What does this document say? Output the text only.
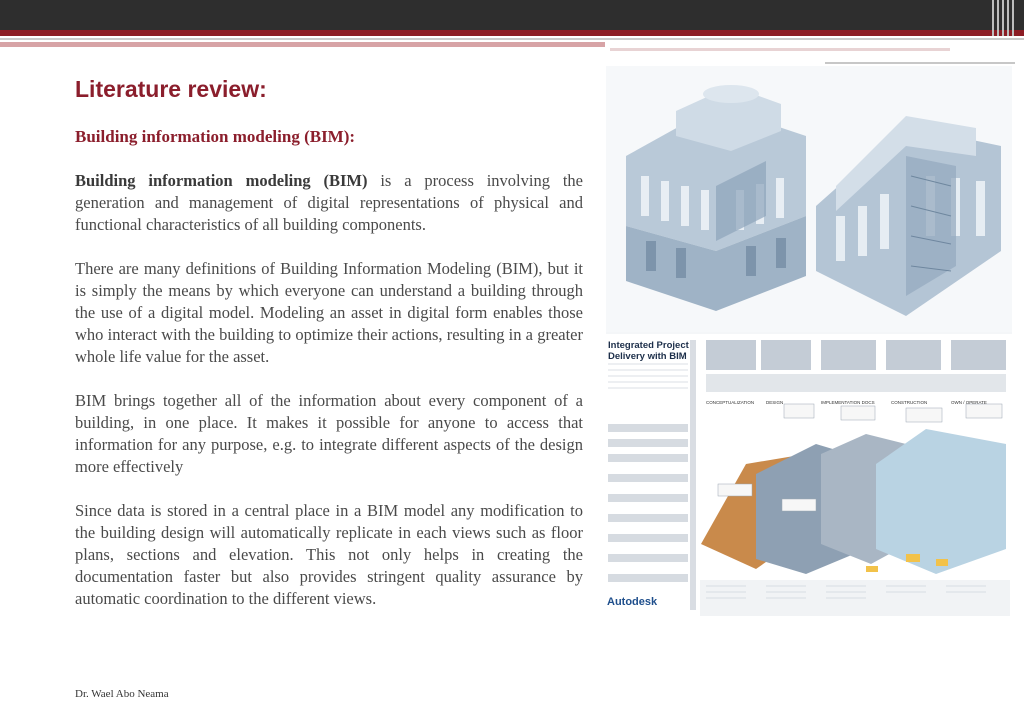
Literature review:
Building information modeling (BIM):

Building information modeling (BIM) is a process involving the generation and management of digital representations of physical and functional characteristics of all building components.

There are many definitions of Building Information Modeling (BIM), but it is simply the means by which everyone can understand a building through the use of a digital model. Modeling an asset in digital form enables those who interact with the building to optimize their actions, resulting in a greater whole life value for the asset.

BIM brings together all of the information about every component of a building, in one place. It makes it possible for anyone to access that information for any purpose, e.g. to integrate different aspects of the design more effectively

Since data is stored in a central place in a BIM model any modification to the building design will automatically replicate in each views such as floor plans, sections and elevation. This not only helps in creating the documentation faster but also provides stringent quality assurance by automatic coordination to the different views.

Dr. Wael Abo Neama
Integrated Project Delivery with BIM
CONCEPTUALIZATION	DESIGN	IMPLEMENTATION DOCS	CONSTRUCTION	OWN / OPERATE
Autodesk
